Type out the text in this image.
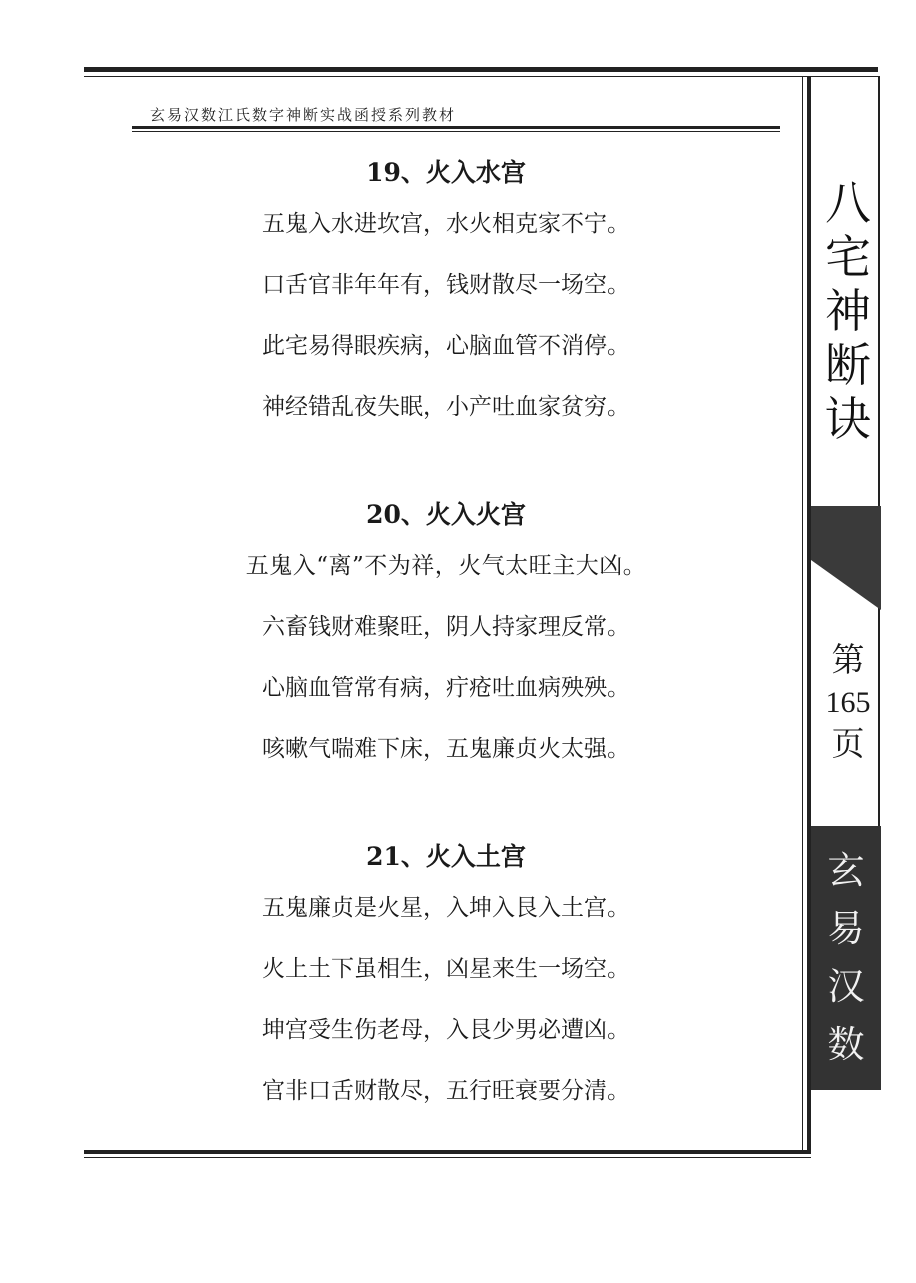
玄易汉数江氏数字神断实战函授系列教材
19、火入水宫
五鬼入水进坎宫，水火相克家不宁。
口舌官非年年有，钱财散尽一场空。
此宅易得眼疾病，心脑血管不消停。
神经错乱夜失眠，小产吐血家贫穷。
20、火入火宫
五鬼入“离”不为祥，火气太旺主大凶。
六畜钱财难聚旺，阴人持家理反常。
心脑血管常有病，疔疮吐血病殃殃。
咳嗽气喘难下床，五鬼廉贞火太强。
21、火入土宫
五鬼廉贞是火星，入坤入艮入土宫。
火上土下虽相生，凶星来生一场空。
坤宫受生伤老母，入艮少男必遭凶。
官非口舌财散尽，五行旺衰要分清。
八
宅
神
断
诀
第
165
页
玄
易
汉
数
